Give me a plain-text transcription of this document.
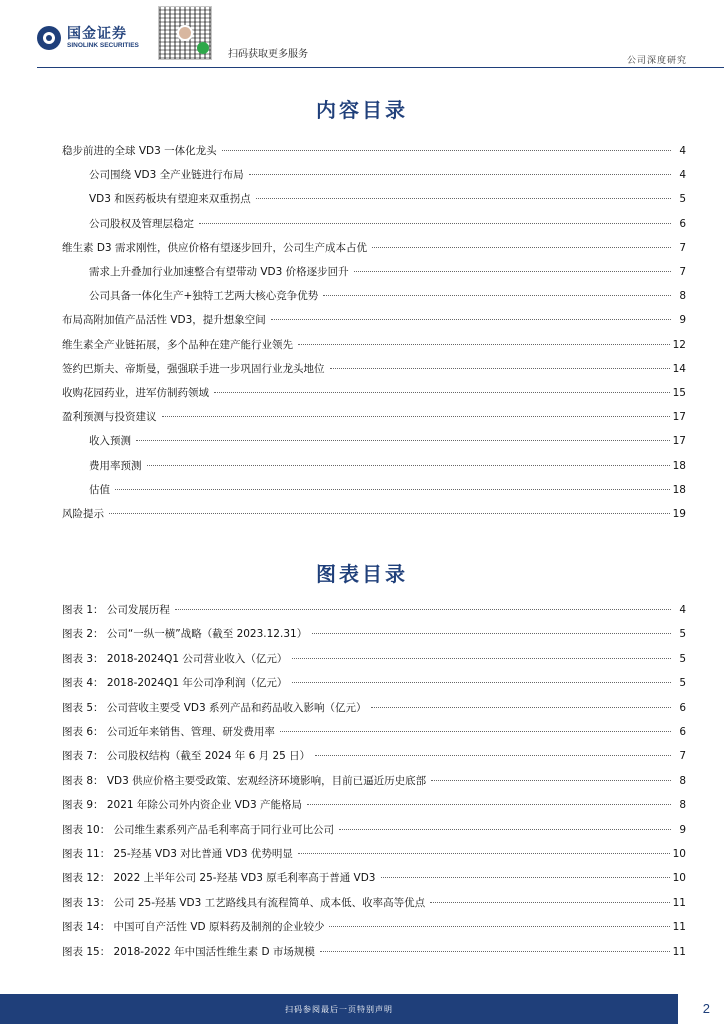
国金证券
SINOLINK SECURITIES
扫码获取更多服务
公司深度研究
内容目录
稳步前进的全球 VD3 一体化龙头	4
公司围绕 VD3 全产业链进行布局	4
VD3 和医药板块有望迎来双重拐点	5
公司股权及管理层稳定	6
维生素 D3 需求刚性，供应价格有望逐步回升，公司生产成本占优	7
需求上升叠加行业加速整合有望带动 VD3 价格逐步回升	7
公司具备一体化生产+独特工艺两大核心竞争优势	8
布局高附加值产品活性 VD3，提升想象空间	9
维生素全产业链拓展，多个品种在建产能行业领先	12
签约巴斯夫、帝斯曼，强强联手进一步巩固行业龙头地位	14
收购花园药业，进军仿制药领域	15
盈利预测与投资建议	17
收入预测	17
费用率预测	18
估值	18
风险提示	19
图表目录
图表 1： 公司发展历程	4
图表 2： 公司“一纵一横”战略（截至 2023.12.31）	5
图表 3： 2018-2024Q1 公司营业收入（亿元）	5
图表 4： 2018-2024Q1 年公司净利润（亿元）	5
图表 5： 公司营收主要受 VD3 系列产品和药品收入影响（亿元）	6
图表 6： 公司近年来销售、管理、研发费用率	6
图表 7： 公司股权结构（截至 2024 年 6 月 25 日）	7
图表 8： VD3 供应价格主要受政策、宏观经济环境影响，目前已逼近历史底部	8
图表 9： 2021 年除公司外内资企业 VD3 产能格局	8
图表 10： 公司维生素系列产品毛利率高于同行业可比公司	9
图表 11： 25-羟基 VD3 对比普通 VD3 优势明显	10
图表 12： 2022 上半年公司 25-羟基 VD3 原毛利率高于普通 VD3	10
图表 13： 公司 25-羟基 VD3 工艺路线具有流程简单、成本低、收率高等优点	11
图表 14： 中国可自产活性 VD 原料药及制剂的企业较少	11
图表 15： 2018-2022 年中国活性维生素 D 市场规模	11
扫码参阅最后一页特别声明	2
